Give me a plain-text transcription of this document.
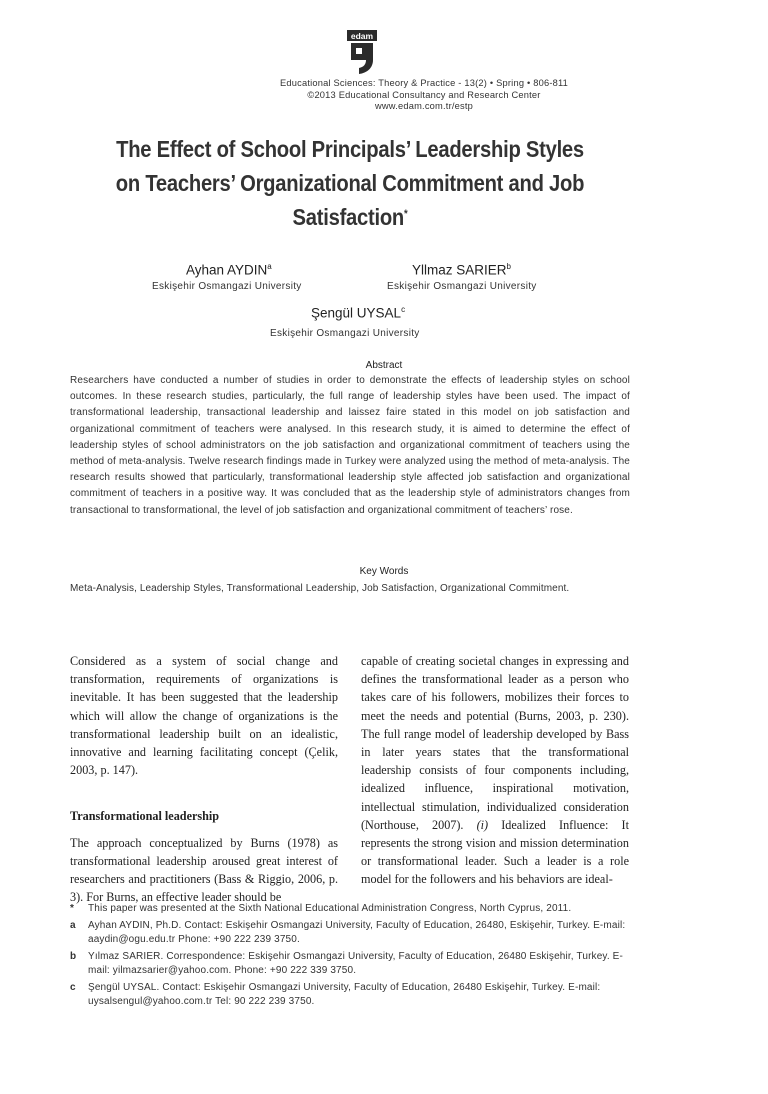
edam
Educational Sciences: Theory & Practice - 13(2) • Spring • 806-811
©2013 Educational Consultancy and Research Center
www.edam.com.tr/estp
The Effect of School Principals’ Leadership Styles
on Teachers’ Organizational Commitment and Job
Satisfaction*
Ayhan AYDIN$^a$
Eskişehir Osmangazi University
Yllmaz SARIER$^b$
Eskişehir Osmangazi University
Şengül UYSAL$^c$
Eskişehir Osmangazi University
Abstract
Researchers have conducted a number of studies in order to demonstrate the effects of leadership styles on school outcomes. In these research studies, particularly, the full range of leadership styles have been used. The impact of transformational leadership, transactional leadership and laissez faire stated in this model on job satisfaction and organizational commitment of teachers were analysed. In this research study, it is aimed to determine the effect of leadership styles of school administrators on the job satisfaction and organizational commitment of teachers using the method of meta-analysis. Twelve research findings made in Turkey were analyzed using the method of meta-analysis. The research results showed that particularly, transformational leadership style affected job satisfaction and organizational commitment of teachers in a positive way. It was concluded that as the leadership style of administrators changes from transactional to transformational, the level of job satisfaction and organizational commitment of teachers’ rose.
Key Words
Meta-Analysis, Leadership Styles, Transformational Leadership, Job Satisfaction, Organizational Commitment.

Considered as a system of social change and transformation, requirements of organizations is inevitable. It has been suggested that the leadership which will allow the change of organizations is the transformational leadership built on an idealistic, innovative and learning facilitating concept (Çelik, 2003, p. 147).

Transformational leadership

The approach conceptualized by Burns (1978) as transformational leadership aroused great interest of researchers and practitioners (Bass & Riggio, 2006, p. 3). For Burns, an effective leader should be

capable of creating societal changes in expressing and defines the transformational leader as a person who takes care of his followers, mobilizes their forces to meet the needs and potential (Burns, 2003, p. 230). The full range model of leadership developed by Bass in later years states that the transformational leadership consists of four components including, idealized influence, inspirational motivation, intellectual stimulation, individualized consideration (Northouse, 2007). (i) Idealized Influence: It represents the strong vision and mission determination or transformational leader. Such a leader is a role model for the followers and his behaviors are ideal-

*	This paper was presented at the Sixth National Educational Administration Congress, North Cyprus, 2011.
a	Ayhan AYDIN, Ph.D. Contact: Eskişehir Osmangazi University, Faculty of Education, 26480, Eskişehir, Turkey. E-mail: aaydin@ogu.edu.tr Phone: +90 222 239 3750.
b	Yılmaz SARIER. Correspondence: Eskişehir Osmangazi University, Faculty of Education, 26480 Eskişehir, Turkey. E-mail: yilmazsarier@yahoo.com. Phone: +90 222 339 3750.
c	Şengül UYSAL. Contact: Eskişehir Osmangazi University, Faculty of Education, 26480 Eskişehir, Turkey. E-mail: uysalsengul@yahoo.com.tr Tel: 90 222 239 3750.
